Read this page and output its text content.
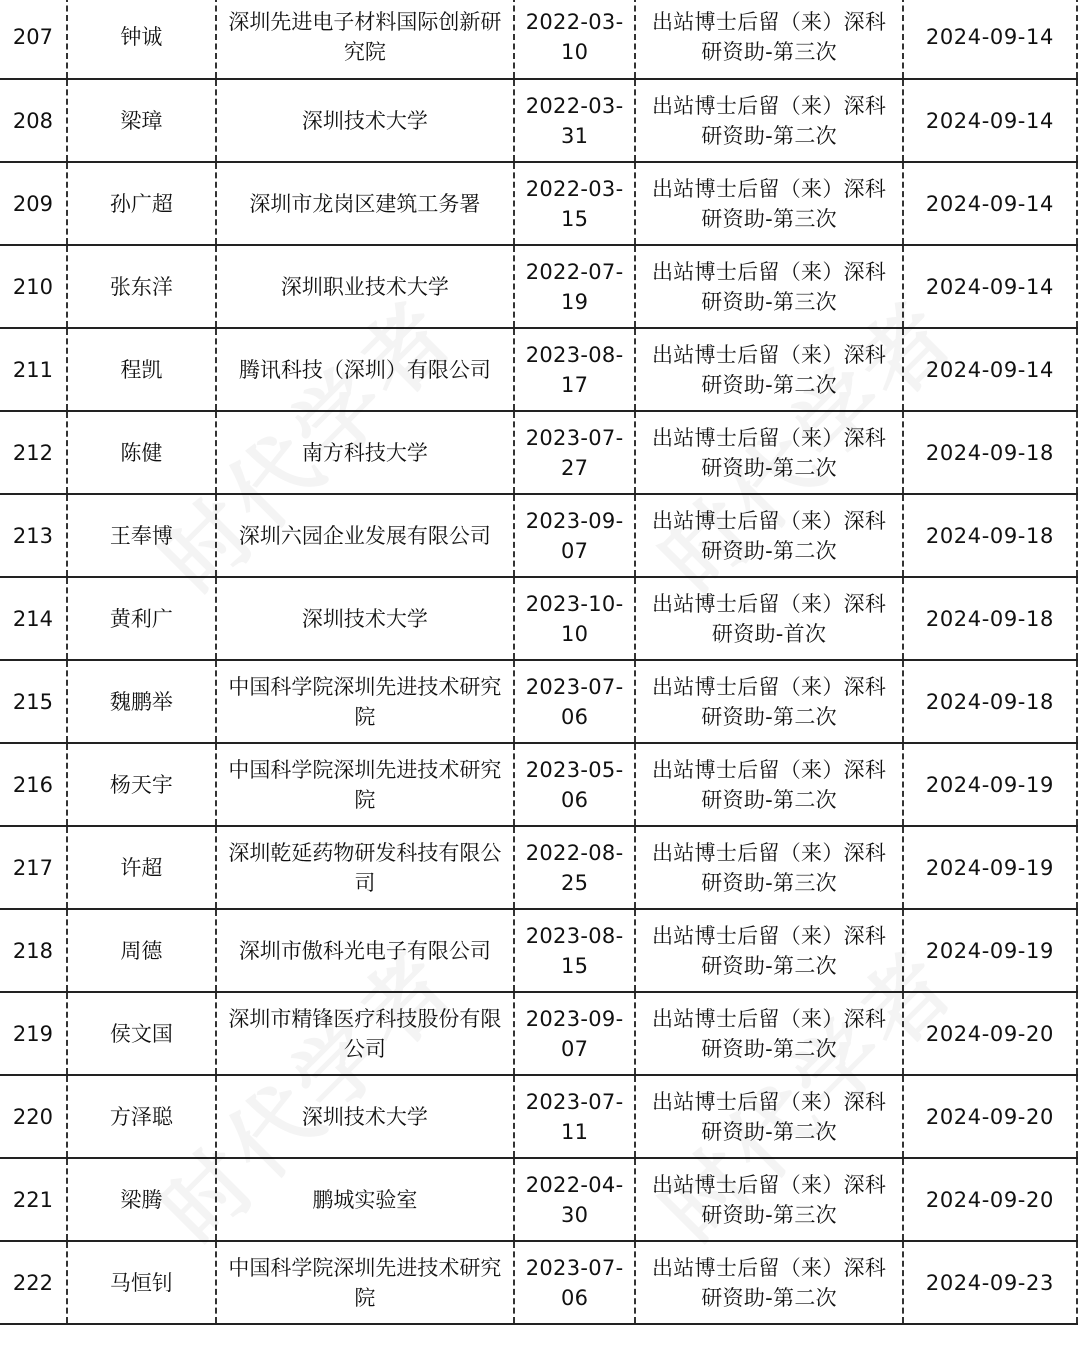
207	钟诚	深圳先进电子材料国际创新研究院	2022-03-10	出站博士后留（来）深科研资助-第三次	2024-09-14
208	梁璋	深圳技术大学	2022-03-31	出站博士后留（来）深科研资助-第二次	2024-09-14
209	孙广超	深圳市龙岗区建筑工务署	2022-03-15	出站博士后留（来）深科研资助-第三次	2024-09-14
210	张东洋	深圳职业技术大学	2022-07-19	出站博士后留（来）深科研资助-第三次	2024-09-14
211	程凯	腾讯科技（深圳）有限公司	2023-08-17	出站博士后留（来）深科研资助-第二次	2024-09-14
212	陈健	南方科技大学	2023-07-27	出站博士后留（来）深科研资助-第二次	2024-09-18
213	王奉博	深圳六园企业发展有限公司	2023-09-07	出站博士后留（来）深科研资助-第二次	2024-09-18
214	黄利广	深圳技术大学	2023-10-10	出站博士后留（来）深科研资助-首次	2024-09-18
215	魏鹏举	中国科学院深圳先进技术研究院	2023-07-06	出站博士后留（来）深科研资助-第二次	2024-09-18
216	杨天宇	中国科学院深圳先进技术研究院	2023-05-06	出站博士后留（来）深科研资助-第二次	2024-09-19
217	许超	深圳乾延药物研发科技有限公司	2022-08-25	出站博士后留（来）深科研资助-第三次	2024-09-19
218	周德	深圳市傲科光电子有限公司	2023-08-15	出站博士后留（来）深科研资助-第二次	2024-09-19
219	侯文国	深圳市精锋医疗科技股份有限公司	2023-09-07	出站博士后留（来）深科研资助-第二次	2024-09-20
220	方泽聪	深圳技术大学	2023-07-11	出站博士后留（来）深科研资助-第二次	2024-09-20
221	梁腾	鹏城实验室	2022-04-30	出站博士后留（来）深科研资助-第三次	2024-09-20
222	马恒钊	中国科学院深圳先进技术研究院	2023-07-06	出站博士后留（来）深科研资助-第二次	2024-09-23
